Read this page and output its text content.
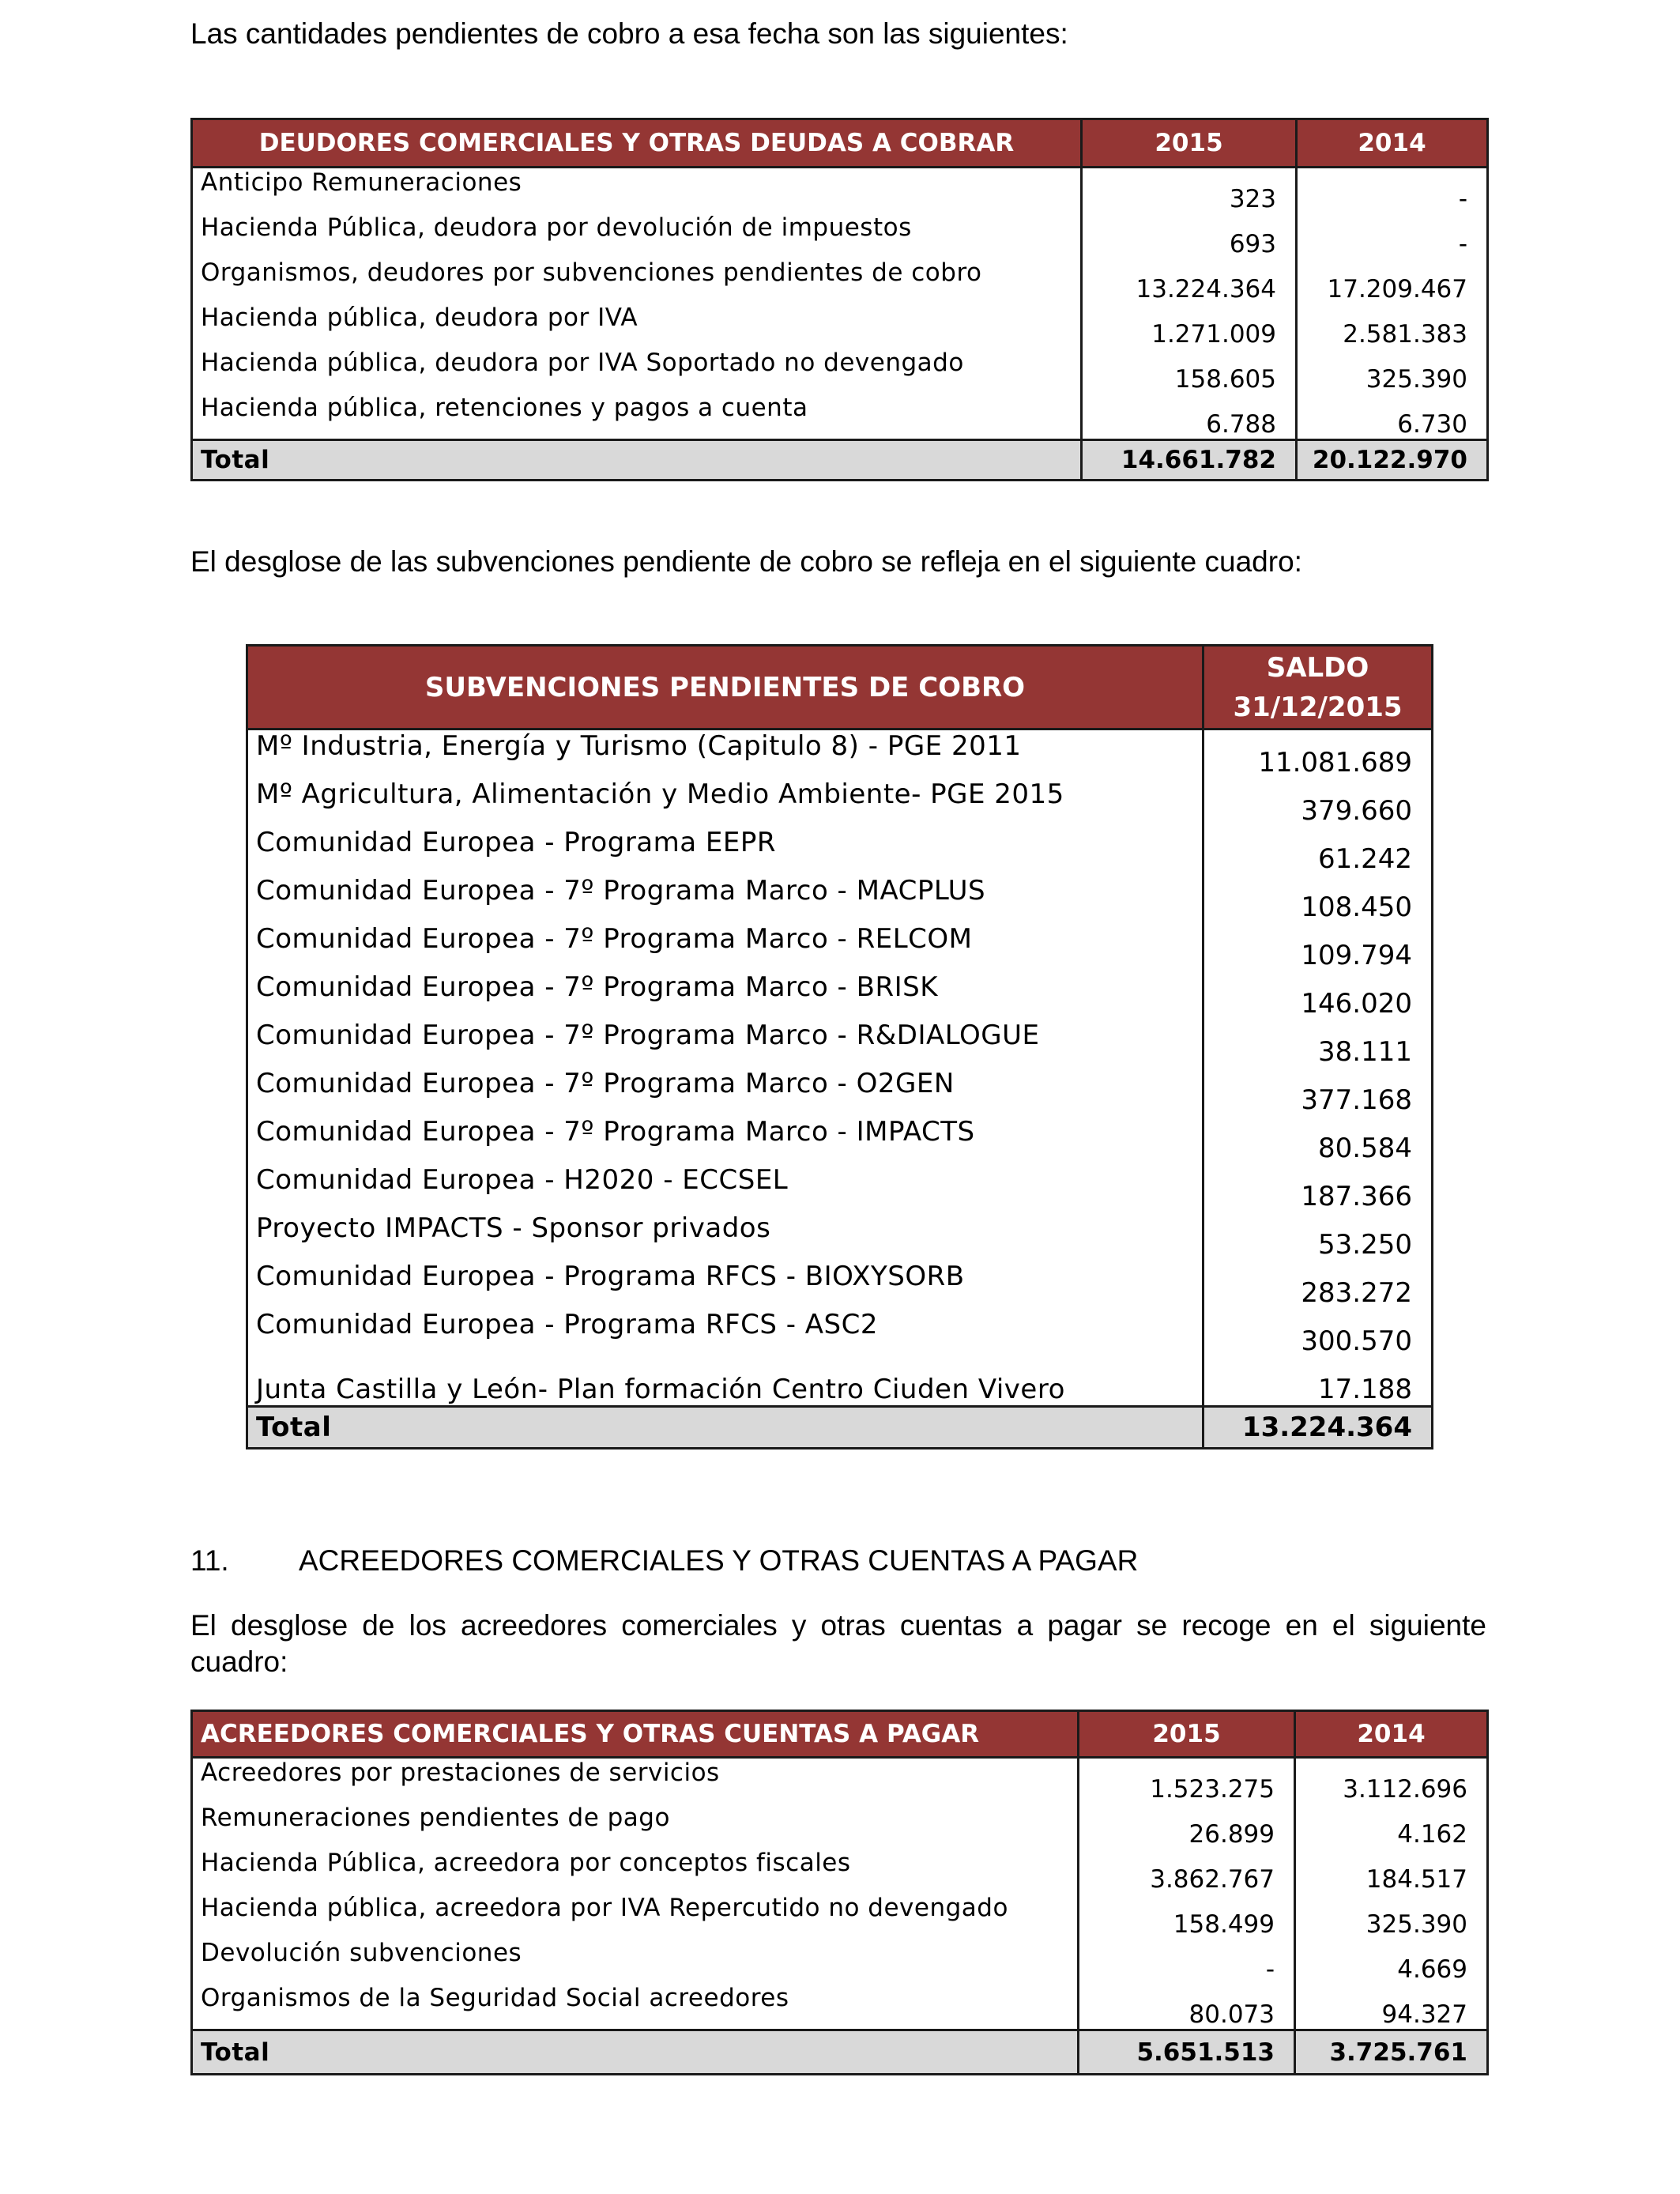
Las cantidades pendientes de cobro a esa fecha son las siguientes:
DEUDORES COMERCIALES Y OTRAS DEUDAS A COBRAR	2015	2014
Anticipo Remuneraciones	323	-
Hacienda Pública, deudora por devolución de impuestos	693	-
Organismos, deudores por subvenciones pendientes de cobro	13.224.364	17.209.467
Hacienda pública, deudora por IVA	1.271.009	2.581.383
Hacienda pública, deudora por IVA Soportado no devengado	158.605	325.390
Hacienda pública, retenciones y pagos a cuenta	6.788	6.730
Total	14.661.782	20.122.970
El desglose de las subvenciones pendiente de cobro se refleja en el siguiente cuadro:
SUBVENCIONES PENDIENTES DE COBRO	SALDO
31/12/2015

Mº Industria, Energía y Turismo (Capitulo 8) - PGE 2011	11.081.689
Mº Agricultura, Alimentación y Medio Ambiente- PGE 2015	379.660
Comunidad Europea - Programa EEPR	61.242
Comunidad Europea - 7º Programa Marco - MACPLUS	108.450
Comunidad Europea - 7º Programa Marco - RELCOM	109.794
Comunidad Europea - 7º Programa Marco - BRISK	146.020
Comunidad Europea - 7º Programa Marco - R&DIALOGUE	38.111
Comunidad Europea - 7º Programa Marco - O2GEN	377.168
Comunidad Europea - 7º Programa Marco - IMPACTS	80.584
Comunidad Europea - H2020 - ECCSEL	187.366
Proyecto IMPACTS - Sponsor privados	53.250
Comunidad Europea - Programa RFCS - BIOXYSORB	283.272
Comunidad Europea - Programa RFCS - ASC2	300.570
Junta Castilla y León- Plan formación Centro Ciuden Vivero	17.188
Total	13.224.364
11. ACREEDORES COMERCIALES Y OTRAS CUENTAS A PAGAR
El desglose de los acreedores comerciales y otras cuentas a pagar se recoge en el siguiente cuadro:
ACREEDORES COMERCIALES Y OTRAS CUENTAS A PAGAR	2015	2014
Acreedores por prestaciones de servicios	1.523.275	3.112.696
Remuneraciones pendientes de pago	26.899	4.162
Hacienda Pública, acreedora por conceptos fiscales	3.862.767	184.517
Hacienda pública, acreedora por IVA Repercutido no devengado	158.499	325.390
Devolución subvenciones	-	4.669
Organismos de la Seguridad Social acreedores	80.073	94.327
Total	5.651.513	3.725.761
